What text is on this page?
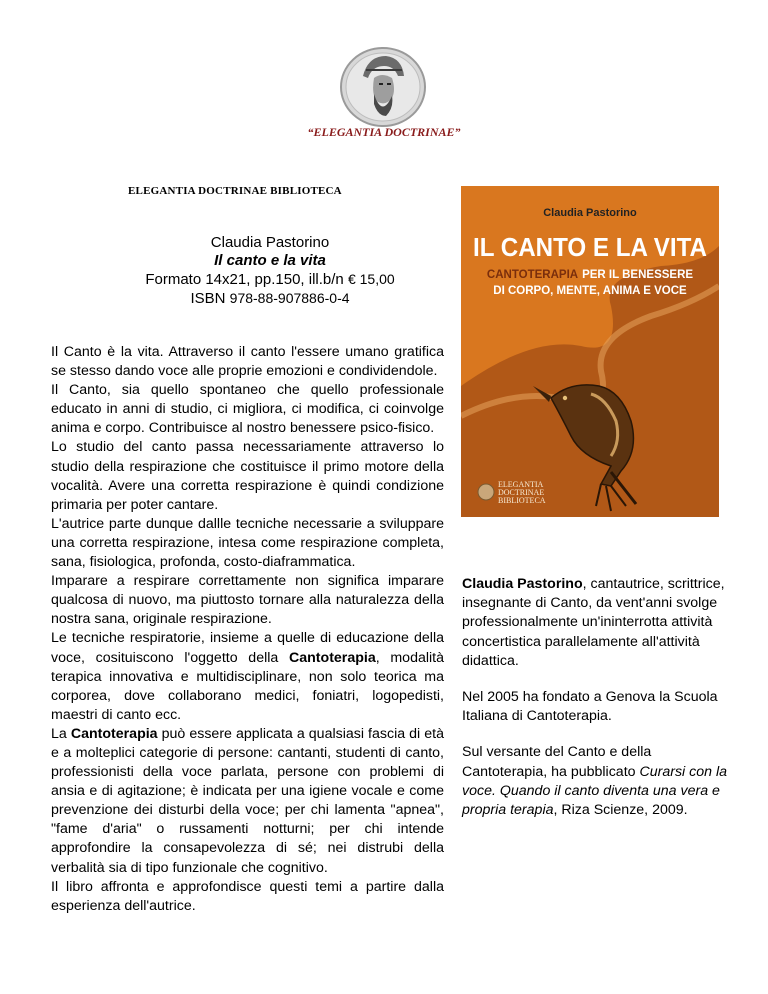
“ELEGANTIA DOCTRINAE”
ELEGANTIA DOCTRINAE BIBLIOTECA
Claudia Pastorino
Il canto e la vita
Formato 14x21, pp.150, ill.b/n € 15,00
ISBN 978-88-907886-0-4

Il Canto è la vita. Attraverso il canto l'essere umano gratifica se stesso dando voce alle proprie emozioni e condividendole.

Il Canto, sia quello spontaneo che quello professionale educato in anni di studio, ci migliora, ci modifica, ci coinvolge anima e corpo. Contribuisce al nostro benessere psico-fisico.

Lo studio del canto passa necessariamente attraverso lo studio della respirazione che costituisce il primo motore della vocalità. Avere una corretta respirazione è quindi condizione primaria per poter cantare.

L'autrice parte dunque dallle tecniche necessarie a sviluppare una corretta respirazione, intesa come respirazione completa, sana, fisiologica, profonda, costo-diaframmatica.

Imparare a respirare correttamente non significa imparare qualcosa di nuovo, ma piuttosto tornare alla naturalezza della nostra sana, originale respirazione.

Le tecniche respiratorie, insieme a quelle di educazione della voce, cosituiscono l'oggetto della Cantoterapia, modalità terapica innovativa e multidisciplinare, non solo teorica ma corporea, dove collaborano medici, foniatri, logopedisti, maestri di canto ecc.

La Cantoterapia può essere applicata a qualsiasi fascia di età e a molteplici categorie di persone: cantanti, studenti di canto, professionisti della voce parlata, persone con problemi di ansia e di agitazione; è indicata per una igiene vocale e come prevenzione dei disturbi della voce; per chi lamenta "apnea", "fame d'aria" o russamenti notturni; per chi intende approfondire la consapevolezza di sé; nei distrubi della verbalità sia di tipo funzionale che cognitivo.

Il libro affronta e approfondisce questi temi a partire dalla esperienza dell'autrice.

Claudia Pastorino
IL CANTO E LA VITA
CANTOTERAPIA PER IL BENESSERE
DI CORPO, MENTE, ANIMA E VOCE
ELEGANTIA
DOCTRINAE
BIBLIOTECA

Claudia Pastorino, cantautrice, scrittrice, insegnante di Canto, da vent'anni svolge professionalmente un'ininterrotta attività concertistica parallelamente all'attività didattica.

Nel 2005 ha fondato a Genova la Scuola Italiana di Cantoterapia.

Sul versante del Canto e della Cantoterapia, ha pubblicato Curarsi con la voce. Quando il canto diventa una vera e propria terapia, Riza Scienze, 2009.
